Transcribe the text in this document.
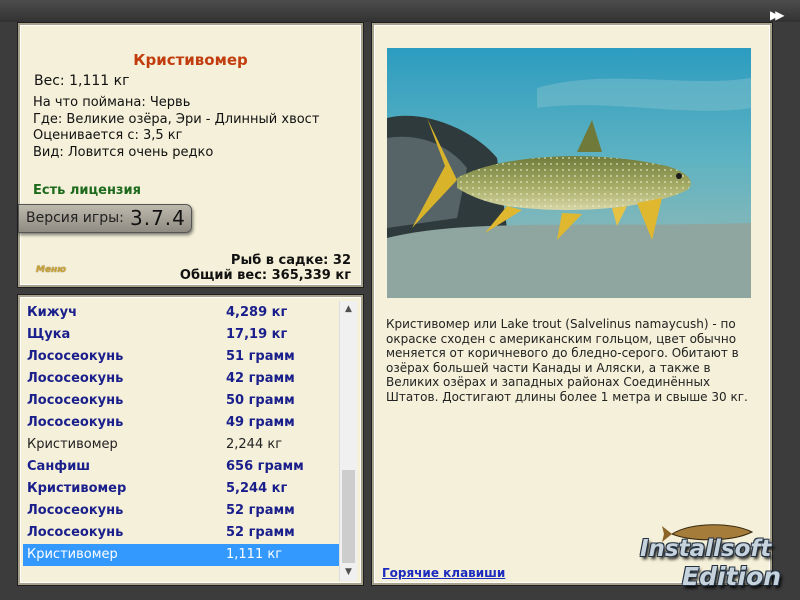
▶▶
Кристивомер
Вес: 1,111 кг
На что поймана: Червь
Где: Великие озёра, Эри - Длинный хвост
Оценивается с: 3,5 кг
Вид: Ловится очень редко
Есть лицензия
Версия игры: 3.7.4
Меню
Рыб в садке: 32
Общий вес: 365,339 кг
Кижуч	4,289 кг
Щука	17,19 кг
Лососеокунь	51 грамм
Лососеокунь	42 грамм
Лососеокунь	50 грамм
Лососеокунь	49 грамм
Кристивомер	2,244 кг
Санфиш	656 грамм
Кристивомер	5,244 кг
Лососеокунь	52 грамм
Лососеокунь	52 грамм
Кристивомер	1,111 кг
▲
▼
Кристивомер или Lake trout (Salvelinus namaycush) - по окраске сходен с американским гольцом, цвет обычно меняется от коричневого до бледно-серого. Обитают в озёрах большей части Канады и Аляски, а также в Великих озёрах и западных районах Соединённых Штатов. Достигают длины более 1 метра и свыше 30 кг.
Горячие клавиши
Installsoft
Edition
